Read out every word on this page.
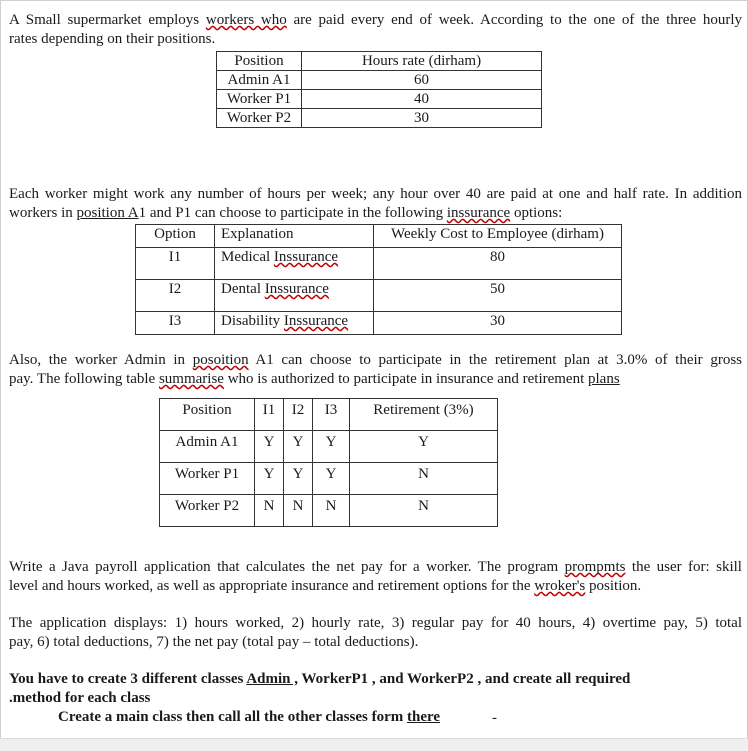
A Small supermarket employs workers who are paid every end of week. According to the one of the three hourly
rates depending on their positions.

Position	Hours rate (dirham)
Admin A1	60
Worker P1	40
Worker P2	30

Each worker might work any number of hours per week; any hour over 40 are paid at one and half rate. In addition
workers in position A1 and P1 can choose to participate in the following inssurance options:

Option	Explanation	Weekly Cost to Employee (dirham)
I1	Medical Inssurance	80
I2	Dental Inssurance	50
I3	Disability Inssurance	30

Also, the worker Admin in posoition A1 can choose to participate in the retirement plan at 3.0% of their gross
pay. The following table summarise who is authorized to participate in insurance and retirement plans

Position	I1	I2	I3	Retirement (3%)
Admin A1	Y	Y	Y	Y
Worker P1	Y	Y	Y	N
Worker P2	N	N	N	N

Write a Java payroll application that calculates the net pay for a worker. The program prompmts the user for: skill
level and hours worked, as well as appropriate insurance and retirement options for the wroker's position.

The application displays: 1) hours worked, 2) hourly rate, 3) regular pay for 40 hours, 4) overtime pay, 5) total
pay, 6) total deductions, 7) the net pay (total pay – total deductions).

You have to create 3 different classes Admin , WorkerP1 , and WorkerP2 , and create all required
.method for each class
Create a main class then call all the other classes form there	-
